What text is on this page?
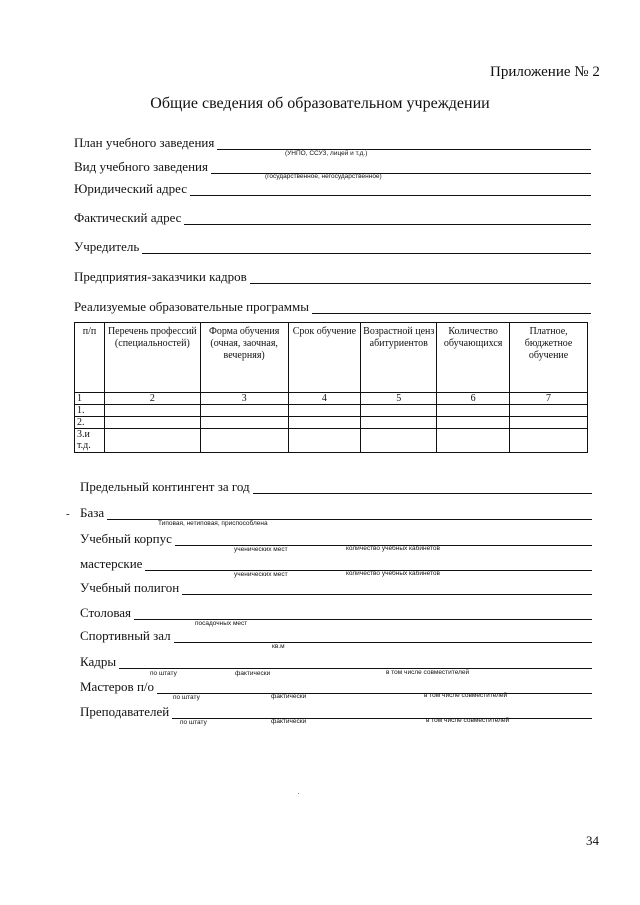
Приложение № 2
Общие сведения об образовательном учреждении
План учебного заведения
(УНПО, ССУЗ, лицей и т.д.)
Вид учебного заведения
(государственное, негосударственное)
Юридический адрес
Фактический адрес
Учредитель
Предприятия-заказчики кадров
Реализуемые образовательные программы
п/п	Перечень профессий (специальностей)	Форма обучения (очная, заочная, вечерняя)	Срок обучение	Возрастной ценз абитуриентов	Количество обучающихся	Платное, бюджетное обучение
1	2	3	4	5	6	7
1.						
2.						
3.и т.д.						
Предельный контингент за год
- База
Типовая, нетиповая, приспособлена
Учебный корпус
ученических мест	количество учебных кабинетов
мастерские
ученических мест	количество учебных кабинетов
Учебный полигон
Столовая
посадочных мест
Спортивный зал
кв.м
Кадры
по штату	фактически	в том числе совместителей
Мастеров п/о
по штату	фактически	в том числе совместителей
Преподавателей
по штату	фактически	в том числе совместителей
34
